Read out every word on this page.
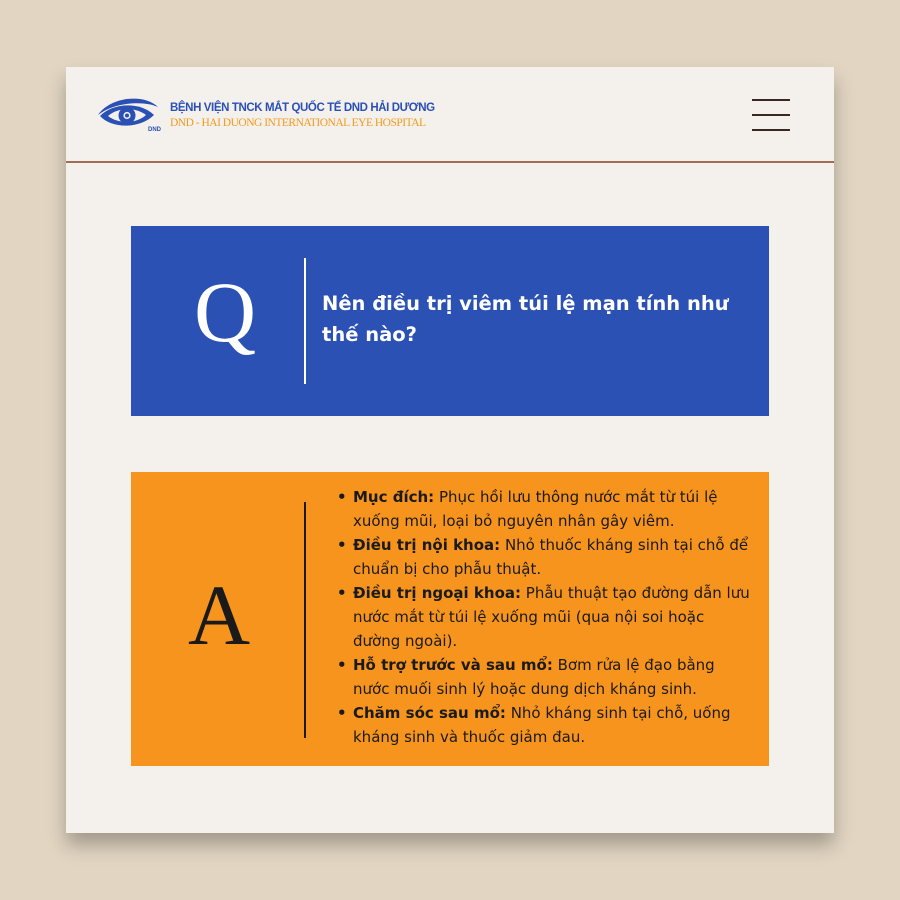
DND
BỆNH VIỆN TNCK MẮT QUỐC TẾ DND HẢI DƯƠNG
DND - HAI DUONG INTERNATIONAL EYE HOSPITAL
Q	Nên điều trị viêm túi lệ mạn tính như thế nào?
A
• Mục đích: Phục hồi lưu thông nước mắt từ túi lệ xuống mũi, loại bỏ nguyên nhân gây viêm.
• Điều trị nội khoa: Nhỏ thuốc kháng sinh tại chỗ để chuẩn bị cho phẫu thuật.
• Điều trị ngoại khoa: Phẫu thuật tạo đường dẫn lưu nước mắt từ túi lệ xuống mũi (qua nội soi hoặc đường ngoài).
• Hỗ trợ trước và sau mổ: Bơm rửa lệ đạo bằng nước muối sinh lý hoặc dung dịch kháng sinh.
• Chăm sóc sau mổ: Nhỏ kháng sinh tại chỗ, uống kháng sinh và thuốc giảm đau.
